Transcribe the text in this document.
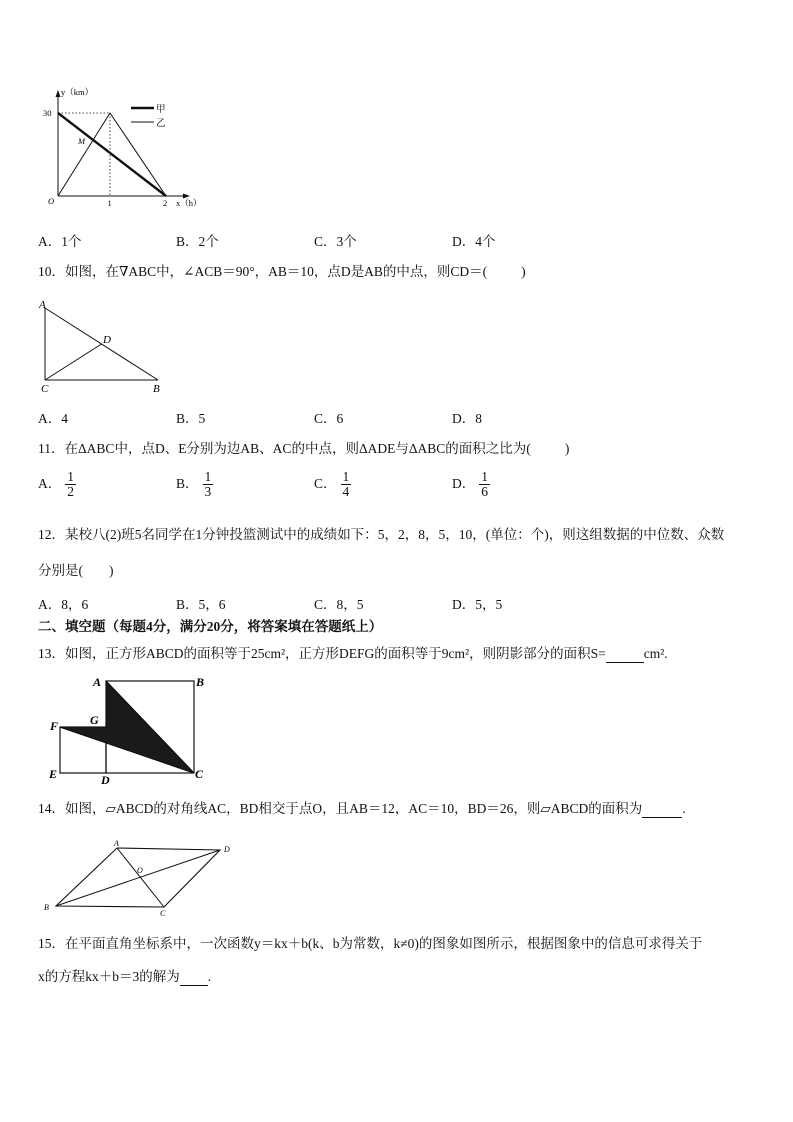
y（km）
30
O	1	2 x（h）
M
甲
乙
A．1个	B．2个	C．3个	D．4个
10．如图，在∇ABC中，∠ACB＝90°，AB＝10，点D是AB的中点，则CD＝(	)
A
D
C	B
A．4	B．5	C．6	D．8
11．在ΔABC中，点D、E分别为边AB、AC的中点，则ΔADE与ΔABC的面积之比为(	)
A． $\frac{1}{2}$	B． $\frac{1}{3}$	C． $\frac{1}{4}$	D． $\frac{1}{6}$
12．某校八(2)班5名同学在1分钟投篮测试中的成绩如下：5，2，8，5，10，(单位：个)，则这组数据的中位数、众数
分别是( )
A．8，6	B．5，6	C．8，5	D．5，5
二、填空题（每题4分，满分20分，将答案填在答题纸上）
13．如图，正方形ABCD的面积等于25cm²，正方形DEFG的面积等于9cm²，则阴影部分的面积S=	cm².
A	B
G
F
E	D	C
14．如图，▱ABCD的对角线AC，BD相交于点O，且AB＝12，AC＝10，BD＝26，则▱ABCD的面积为	.
A
D
O
B
C
15．在平面直角坐标系中，一次函数y＝kx＋b(k、b为常数，k≠0)的图象如图所示，根据图象中的信息可求得关于
x的方程kx＋b＝3的解为 .
